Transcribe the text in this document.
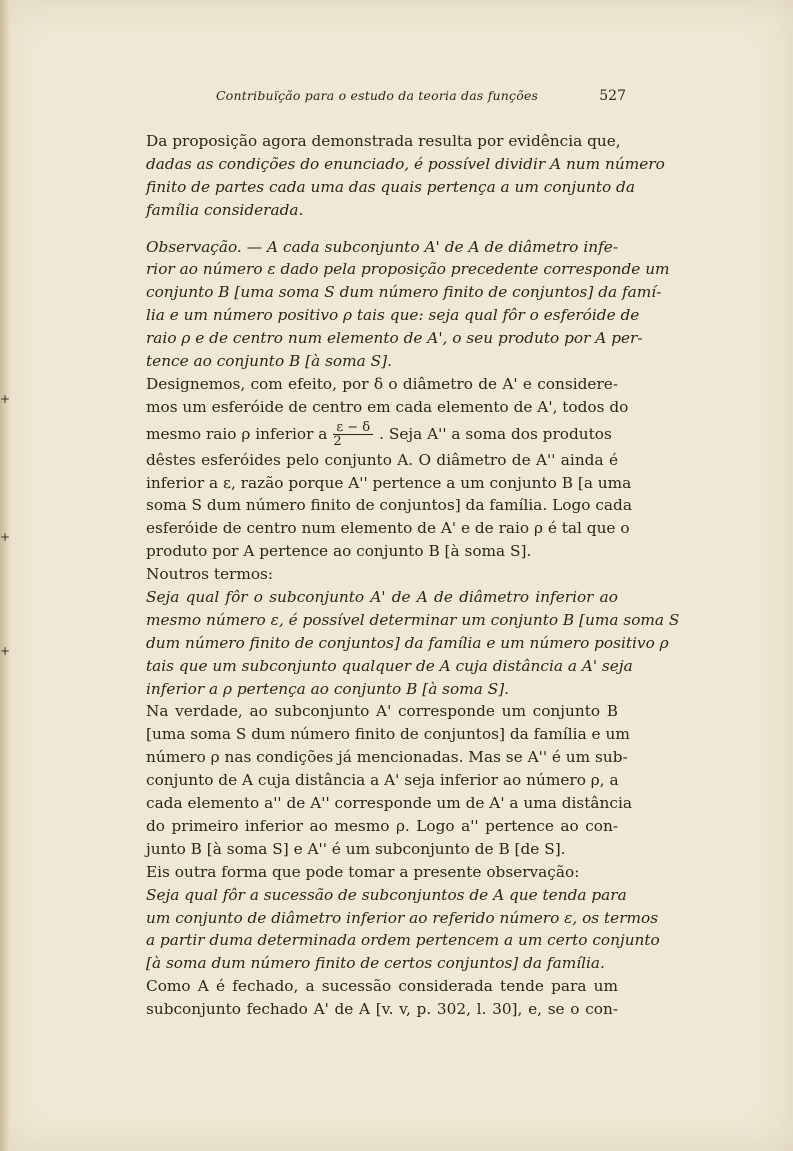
+
+
+
Contribuïção para o estudo da teoria das funções	527
Da proposição agora demonstrada resulta por evidência que,
dadas as condições do enunciado, é possível dividir A num número
finito de partes cada uma das quais pertença a um conjunto da
família considerada.
Observação. — A cada subconjunto A' de A de diâmetro infe-
rior ao número ε dado pela proposição precedente corresponde um
conjunto B [uma soma S dum número finito de conjuntos] da famí-
lia e um número positivo ρ tais que: seja qual fôr o esferóide de
raio ρ e de centro num elemento de A', o seu produto por A per-
tence ao conjunto B [à soma S].
Designemos, com efeito, por δ o diâmetro de A' e considere-
mos um esferóide de centro em cada elemento de A', todos do
mesmo raio ρ inferior a $\frac{\varepsilon - \delta}{2}$ . Seja A'' a soma dos produtos
dêstes esferóides pelo conjunto A. O diâmetro de A'' ainda é
inferior a ε, razão porque A'' pertence a um conjunto B [a uma
soma S dum número finito de conjuntos] da família. Logo cada
esferóide de centro num elemento de A' e de raio ρ é tal que o
produto por A pertence ao conjunto B [à soma S].
Noutros termos:
Seja qual fôr o subconjunto A' de A de diâmetro inferior ao
mesmo número ε, é possível determinar um conjunto B [uma soma S
dum número finito de conjuntos] da família e um número positivo ρ
tais que um subconjunto qualquer de A cuja distância a A' seja
inferior a ρ pertença ao conjunto B [à soma S].
Na verdade, ao subconjunto A' corresponde um conjunto B
[uma soma S dum número finito de conjuntos] da família e um
número ρ nas condições já mencionadas. Mas se A'' é um sub-
conjunto de A cuja distância a A' seja inferior ao número ρ, a
cada elemento a'' de A'' corresponde um de A' a uma distância
do primeiro inferior ao mesmo ρ. Logo a'' pertence ao con-
junto B [à soma S] e A'' é um subconjunto de B [de S].
Eis outra forma que pode tomar a presente observação:
Seja qual fôr a sucessão de subconjuntos de A que tenda para
um conjunto de diâmetro inferior ao referido número ε, os termos
a partir duma determinada ordem pertencem a um certo conjunto
[à soma dum número finito de certos conjuntos] da família.
Como A é fechado, a sucessão considerada tende para um
subconjunto fechado A' de A [v. v, p. 302, l. 30], e, se o con-
